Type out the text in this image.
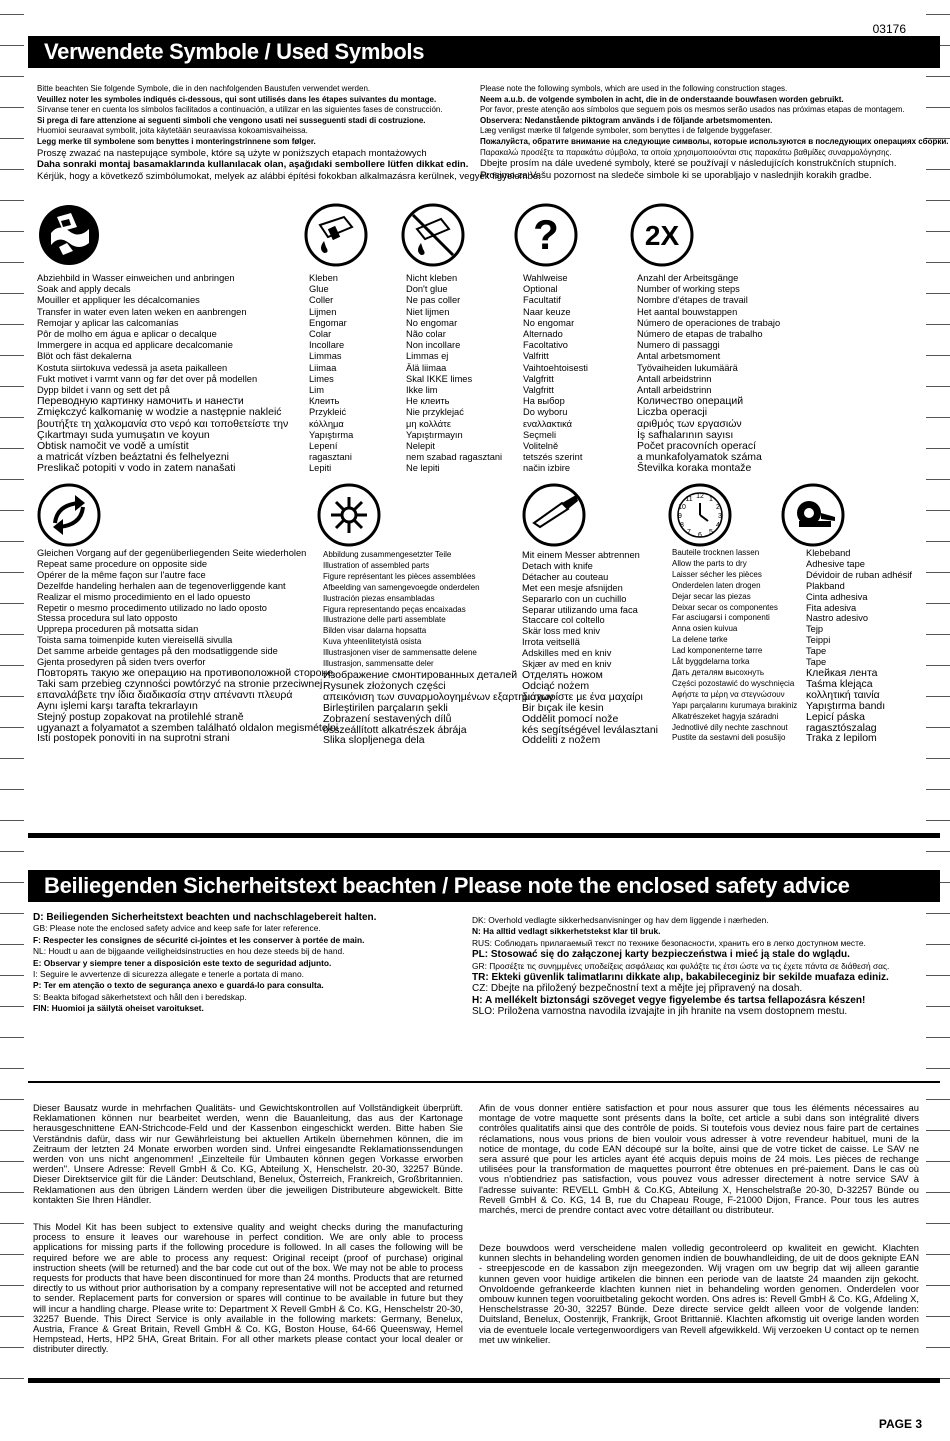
03176
Verwendete Symbole / Used Symbols
Bitte beachten Sie folgende Symbole, die in den nachfolgenden Baustufen verwendet werden.
Veuillez noter les symboles indiqués ci-dessous, qui sont utilisés dans les étapes suivantes du montage.
Sírvanse tener en cuenta los símbolos facilitados a continuación, a utilizar en las siguientes fases de construcción.
Si prega di fare attenzione ai seguenti simboli che vengono usati nei susseguenti stadi di costruzione.
Huomioi seuraavat symbolit, joita käytetään seuraavissa kokoamisvaiheissa.
Legg merke til symbolene som benyttes i monteringstrinnene som følger.
Proszę zwazać na nastepujące symbole, które są użyte w poniższych etapach montażowych
Daha sonraki montaj basamaklarında kullanılacak olan, aşağıdaki sembollere lütfen dikkat edin.
Kérjük, hogy a következő szimbólumokat, melyek az alábbi építési fokokban alkalmazásra kerülnek, vegyék figyelembe.
Please note the following symbols, which are used in the following construction stages.
Neem a.u.b. de volgende symbolen in acht, die in de onderstaande bouwfasen worden gebruikt.
Por favor, preste atenção aos símbolos que seguem pois os mesmos serão usados nas próximas etapas de montagem.
Observera: Nedanstående piktogram används i de följande arbetsmomenten.
Læg venligst mærke til følgende symboler, som benyttes i de følgende byggefaser.
Пожалуйста, обратите внимание на следующие символы, которые используются в последующих операциях сборки.
Παρακαλώ προσέξτε τα παρακάτω σύμβολα, τα οποία χρησιμοποιούνται στις παρακάτω βαθμίδες συναρμολόγησης.
Dbejte prosím na dále uvedené symboly, které se používají v následujících konstrukčních stupních.
Prosimo za Vašu pozornost na sledeče simbole ki se uporabljajo v naslednjih korakih gradbe.
?	2X
Abziehbild in Wasser einweichen und anbringen
Soak and apply decals
Mouiller et appliquer les décalcomanies
Transfer in water even laten weken en aanbrengen
Remojar y aplicar las calcomanías
Pôr de molho em água e aplicar o decalque
Immergere in acqua ed applicare decalcomanie
Blöt och fäst dekalerna
Kostuta siirtokuva vedessä ja aseta paikalleen
Fukt motivet i varmt vann og før det over på modellen
Dypp bildet i vann og sett det på
Переводную картинку намочить и нанести
Zmiękczyć kalkomanię w wodzie a następnie nakleić
βουτήξτε τη χαλκομανία στο νερό και τοποθετείστε την
Çıkartmayı suda yumuşatın ve koyun
Obtisk namočit ve vodě a umístit
a matricát vízben beáztatni és felhelyezni
Preslikač potopiti v vodo in zatem nanašati
Kleben
Glue
Coller
Lijmen
Engomar
Colar
Incollare
Limmas
Liimaa
Limes
Lim
Клеить
Przykleić
κόλλημα
Yapıştırma
Lepení
ragasztani
Lepiti
Nicht kleben
Don't glue
Ne pas coller
Niet lijmen
No engomar
Não colar
Non incollare
Limmas ej
Älä liimaa
Skal IKKE limes
Ikke lim
Не клеить
Nie przyklejać
μη κολλάτε
Yapıştırmayın
Nelepit
nem szabad ragasztani
Ne lepiti
Wahlweise
Optional
Facultatif
Naar keuze
No engomar
Alternado
Facoltativo
Valfritt
Vaihtoehtoisesti
Valgfritt
Valgfritt
На выбор
Do wyboru
εναλλακτικά
Seçmeli
Volitelně
tetszés szerint
način izbire
Anzahl der Arbeitsgänge
Number of working steps
Nombre d'étapes de travail
Het aantal bouwstappen
Número de operaciones de trabajo
Número de etapas de trabalho
Numero di passaggi
Antal arbetsmoment
Työvaiheiden lukumäärä
Antall arbeidstrinn
Antall arbeidstrinn
Количество операций
Liczba operacji
αριθμός των εργασιών
İş safhalarının sayısı
Počet pracovních operací
a munkafolyamatok száma
Številka koraka montaže
12 1
2
3
4
5
6
7
8
9
10
11
Gleichen Vorgang auf der gegenüberliegenden Seite wiederholen
Repeat same procedure on opposite side
Opérer de la même façon sur l'autre face
Dezelfde handeling herhalen aan de tegenoverliggende kant
Realizar el mismo procedimiento en el lado opuesto
Repetir o mesmo procedimento utilizado no lado oposto
Stessa procedura sul lato opposto
Upprepa proceduren på motsatta sidan
Toista sama toimenpide kuten viereisellä sivulla
Det samme arbeide gentages på den modsatliggende side
Gjenta prosedyren på siden tvers overfor
Повторять такую же операцию на противоположной стороне
Taki sam przebieg czynności powtórzyć na stronie przeciwnej
επαναλάβετε την ίδια διαδικασία στην απέναντι πλευρά
Aynı işlemi karşı tarafta tekrarlayın
Stejný postup zopakovat na protilehlé straně
ugyanazt a folyamatot a szemben található oldalon megismételni
Isti postopek ponoviti in na suprotni strani
Abbildung zusammengesetzter Teile
Illustration of assembled parts
Figure représentant les pièces assemblées
Afbeelding van samengevoegde onderdelen
Ilustración piezas ensambladas
Figura representando peças encaixadas
Illustrazione delle parti assemblate
Bilden visar dalarna hopsatta
Kuva yhteenliitetyistä osista
Illustrasjonen viser de sammensatte delene
Illustrasjon, sammensatte deler
Изображение смонтированных деталей
Rysunek złożonych części
απεικόνιση των συναρμολογημένων εξαρτημάτων
Birleştirilen parçaların şekli
Zobrazení sestavených dílů
összeállított alkatrészek ábrája
Slika slopljenega dela
Mit einem Messer abtrennen
Detach with knife
Détacher au couteau
Met een mesje afsnijden
Separarlo con un cuchillo
Separar utilizando uma faca
Staccare col coltello
Skär loss med kniv
Irrota veitsellä
Adskilles med en kniv
Skjær av med en kniv
Отделять ножом
Odciąć nożem
διαχωρίστε με ένα μαχαίρι
Bir bıçak ile kesin
Oddělit pomocí nože
kés segítségével leválasztani
Oddeliti z nožem
Bauteile trocknen lassen
Allow the parts to dry
Laisser sécher les pièces
Onderdelen laten drogen
Dejar secar las piezas
Deixar secar os componentes
Far asciugarsi i componenti
Anna osien kuivua
La delene tørke
Lad komponenterne tørre
Låt byggdelarna torka
Дать деталям высохнуть
Części pozostawić do wyschnięcia
Αφήστε τα μέρη να στεγνώσουν
Yapı parçalarını kurumaya bırakiniz
Alkatrészeket hagyja száradni
Jednotlivé díly nechte zaschnout
Pustite da sestavni deli posušijo
Klebeband
Adhesive tape
Dévidoir de ruban adhésif
Plakband
Cinta adhesiva
Fita adesiva
Nastro adesivo
Tejp
Teippi
Tape
Tape
Клейкая лента
Taśma klejąca
κολλητική ταινία
Yapıştırma bandı
Lepicí páska
ragasztószalag
Traka z lepilom
Beiliegenden Sicherheitstext beachten / Please note the enclosed safety advice
D: Beiliegenden Sicherheitstext beachten und nachschlagebereit halten.
GB: Please note the enclosed safety advice and keep safe for later reference.
F: Respecter les consignes de sécurité ci-jointes et les conserver à portée de main.
NL: Houdt u aan de bijgaande veiligheidsinstructies en hou deze steeds bij de hand.
E: Observar y siempre tener a disposición este texto de seguridad adjunto.
I: Seguire le avvertenze di sicurezza allegate e tenerle a portata di mano.
P: Ter em atenção o texto de segurança anexo e guardá-lo para consulta.
S: Beakta bifogad säkerhetstext och håll den i beredskap.
FIN: Huomioi ja säilytä oheiset varoitukset.
DK: Overhold vedlagte sikkerhedsanvisninger og hav dem liggende i nærheden.
N: Ha alltid vedlagt sikkerhetstekst klar til bruk.
RUS: Соблюдать прилагаемый текст по технике безопасности, хранить его в легко доступном месте.
PL: Stosować się do załączonej karty bezpieczeństwa i mieć ją stale do wglądu.
GR: Προσέξτε τις συνημμένες υποδείξεις ασφάλειας και φυλάξτε τις έτσι ώστε να τις έχετε πάντα σε διάθεσή σας.
TR: Ekteki güvenlik talimatlarını dikkate alıp, bakabileceginiz bir sekilde muafaza ediniz.
CZ: Dbejte na přiložený bezpečnostní text a mějte jej připravený na dosah.
H: A mellékelt biztonsági szöveget vegye figyelembe és tartsa fellapozásra készen!
SLO: Priložena varnostna navodila izvajajte in jih hranite na vsem dostopnem mestu.
Dieser Bausatz wurde in mehrfachen Qualitäts- und Gewichtskontrollen auf Vollständigkeit überprüft. Reklamationen können nur bearbeitet werden, wenn die Bauanleitung, das aus der Kartonage herausgeschnittene EAN-Strichcode-Feld und der Kassenbon eingeschickt werden. Bitte haben Sie Verständnis dafür, dass wir nur Gewährleistung bei aktuellen Artikeln übernehmen können, die im Zeitraum der letzten 24 Monate erworben worden sind. Unfrei eingesandte Reklamationssendungen werden von uns nicht angenommen! „Einzelteile für Umbauten können gegen Vorkasse erworben werden". Unsere Adresse: Revell GmbH & Co. KG, Abteilung X, Henschelstr. 20-30, 32257 Bünde. Dieser Direktservice gilt für die Länder: Deutschland, Benelux, Österreich, Frankreich, Großbritannien. Reklamationen aus den übrigen Ländern werden über die jeweiligen Distributeure abgewickelt. Bitte kontakten Sie Ihren Händler.
This Model Kit has been subject to extensive quality and weight checks during the manufacturing process to ensure it leaves our warehouse in perfect condition. We are only able to process applications for missing parts if the following procedure is followed. In all cases the following will be required before we are able to process any request: Original receipt (proof of purchase) original instruction sheets (will be returned) and the bar code cut out of the box. We may not be able to process requests for products that have been discontinued for more than 24 months. Products that are returned directly to us without prior authorisation by a company representative will not be accepted and returned to sender. Replacement parts for conversion or spares will continue to be available in future but they will incur a handling charge. Please write to: Department X Revell GmbH & Co. KG, Henschelstr 20-30, 32257 Buende. This Direct Service is only available in the following markets: Germany, Benelux, Austria, France & Great Britain, Revell GmbH & Co. KG, Boston House, 64-66 Queensway, Hemel Hempstead, Herts, HP2 5HA, Great Britain. For all other markets please contact your local dealer or distributer directly.
Afin de vous donner entière satisfaction et pour nous assurer que tous les éléments nécessaires au montage de votre maquette sont présents dans la boîte, cet article a subi dans son intégralité divers contrôles qualitatifs ainsi que des contrôle de poids. Si toutefois vous deviez nous faire part de certaines réclamations, nous vous prions de bien vouloir vous adresser à votre revendeur habituel, muni de la notice de montage, du code EAN découpé sur la boîte, ainsi que de votre ticket de caisse. Le SAV ne sera assuré que pour les articles ayant été acquis depuis moins de 24 mois. Les pièces de rechange utilisées pour la transformation de maquettes pourront être obtenues en pré-paiement. Dans le cas où vous n'obtiendriez pas satisfaction, vous pouvez vous adresser directement à notre service SAV à l'adresse suivante: REVELL GmbH & Co.KG, Abteilung X, Henschelstraße 20-30, D-32257 Bünde ou Revell GmbH & Co. KG, 14 B, rue du Chapeau Rouge, F-21000 Dijon, France. Pour tous les autres marchés, merci de prendre contact avec votre détaillant ou distributeur.
Deze bouwdoos werd verscheidene malen volledig gecontroleerd op kwaliteit en gewicht. Klachten kunnen slechts in behandeling worden genomen indien de bouwhandleiding, de uit de doos geknipte EAN - streepjescode en de kassabon zijn meegezonden. Wij vragen om uw begrip dat wij alleen garantie kunnen geven voor huidige artikelen die binnen een periode van de laatste 24 maanden zijn gekocht. Onvoldoende gefrankeerde klachten kunnen niet in behandeling worden genomen. Onderdelen voor ombouw kunnen tegen vooruitbetaling gekocht worden. Ons adres is: Revell GmbH & Co. KG, Afdeling X, Henschelstrasse 20-30, 32257 Bünde. Deze directe service geldt alleen voor de volgende landen: Duitsland, Benelux, Oostenrijk, Frankrijk, Groot Brittannië. Klachten afkomstig uit overige landen worden via de eventuele locale vertegenwoordigers van Revell afgewikkeld. Wij verzoeken U contact op te nemen met uw winkelier.
PAGE 3
